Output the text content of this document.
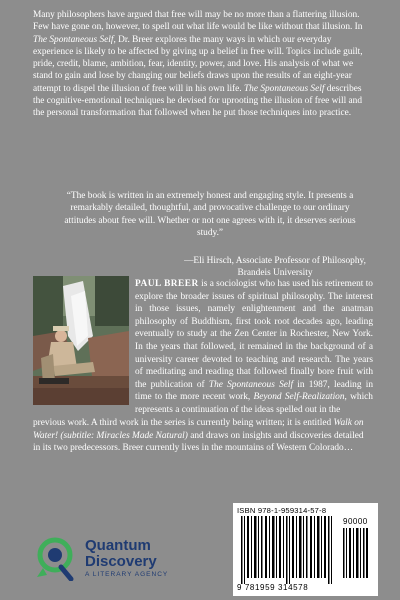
Many philosophers have argued that free will may be no more than a flattering illusion. Few have gone on, however, to spell out what life would be like without that illusion. In The Spontaneous Self, Dr. Breer explores the many ways in which our everyday experience is likely to be affected by giving up a belief in free will. Topics include guilt, pride, credit, blame, ambition, fear, identity, power, and love. His analysis of what we stand to gain and lose by changing our beliefs draws upon the results of an eight-year attempt to dispel the illusion of free will in his own life. The Spontaneous Self describes the cognitive-emotional techniques he devised for uprooting the illusion of free will and the personal transformation that followed when he put those techniques into practice.

“The book is written in an extremely honest and engaging style. It presents a remarkably detailed, thoughtful, and provocative challenge to our ordinary attitudes about free will. Whether or not one agrees with it, it deserves serious study.”

—Eli Hirsch, Associate Professor of Philosophy, Brandeis University

PAUL BREER is a sociologist who has used his retirement to explore the broader issues of spiritual philosophy. The interest in those issues, namely enlightenment and the anatman philosophy of Buddhism, first took root decades ago, leading eventually to study at the Zen Center in Rochester, New York. In the years that followed, it remained in the background of a university career devoted to teaching and research. The years of meditating and reading that followed finally bore fruit with the publication of The Spontaneous Self in 1987, leading in time to the more recent work, Beyond Self-Realization, which represents a continuation of the ideas spelled out in the

Quantum
Discovery
A LITERARY AGENCY
ISBN 978-1-959314-57-8
90000
9 781959 314578

previous work. A third work in the series is currently being written; it is entitled Walk on Water! (subtitle: Miracles Made Natural) and draws on insights and discoveries detailed in its two predecessors. Breer currently lives in the mountains of Western Colorado…
